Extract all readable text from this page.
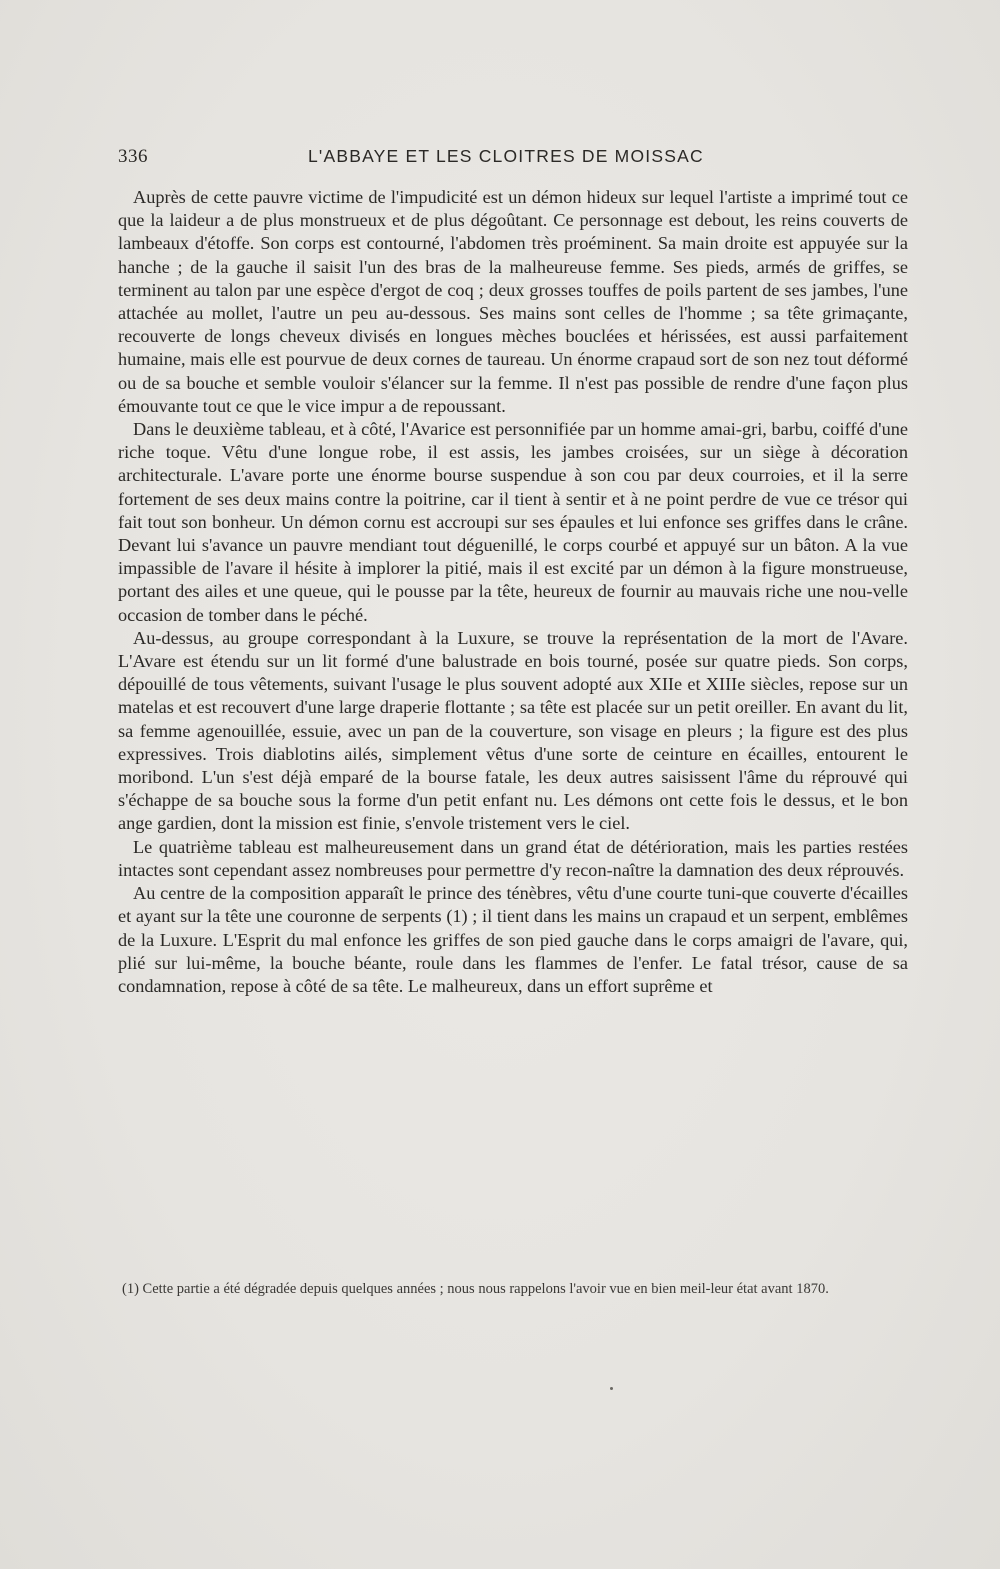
336	L'ABBAYE ET LES CLOITRES DE MOISSAC

Auprès de cette pauvre victime de l'impudicité est un démon hideux sur lequel l'artiste a imprimé tout ce que la laideur a de plus monstrueux et de plus dégoûtant. Ce personnage est debout, les reins couverts de lambeaux d'étoffe. Son corps est contourné, l'abdomen très proéminent. Sa main droite est appuyée sur la hanche ; de la gauche il saisit l'un des bras de la malheureuse femme. Ses pieds, armés de griffes, se terminent au talon par une espèce d'ergot de coq ; deux grosses touffes de poils partent de ses jambes, l'une attachée au mollet, l'autre un peu au-dessous. Ses mains sont celles de l'homme ; sa tête grimaçante, recouverte de longs cheveux divisés en longues mèches bouclées et hérissées, est aussi parfaitement humaine, mais elle est pourvue de deux cornes de taureau. Un énorme crapaud sort de son nez tout déformé ou de sa bouche et semble vouloir s'élancer sur la femme. Il n'est pas possible de rendre d'une façon plus émouvante tout ce que le vice impur a de repoussant.

Dans le deuxième tableau, et à côté, l'Avarice est personnifiée par un homme amai-gri, barbu, coiffé d'une riche toque. Vêtu d'une longue robe, il est assis, les jambes croisées, sur un siège à décoration architecturale. L'avare porte une énorme bourse suspendue à son cou par deux courroies, et il la serre fortement de ses deux mains contre la poitrine, car il tient à sentir et à ne point perdre de vue ce trésor qui fait tout son bonheur. Un démon cornu est accroupi sur ses épaules et lui enfonce ses griffes dans le crâne. Devant lui s'avance un pauvre mendiant tout déguenillé, le corps courbé et appuyé sur un bâton. A la vue impassible de l'avare il hésite à implorer la pitié, mais il est excité par un démon à la figure monstrueuse, portant des ailes et une queue, qui le pousse par la tête, heureux de fournir au mauvais riche une nou-velle occasion de tomber dans le péché.

Au-dessus, au groupe correspondant à la Luxure, se trouve la représentation de la mort de l'Avare. L'Avare est étendu sur un lit formé d'une balustrade en bois tourné, posée sur quatre pieds. Son corps, dépouillé de tous vêtements, suivant l'usage le plus souvent adopté aux XIIe et XIIIe siècles, repose sur un matelas et est recouvert d'une large draperie flottante ; sa tête est placée sur un petit oreiller. En avant du lit, sa femme agenouillée, essuie, avec un pan de la couverture, son visage en pleurs ; la figure est des plus expressives. Trois diablotins ailés, simplement vêtus d'une sorte de ceinture en écailles, entourent le moribond. L'un s'est déjà emparé de la bourse fatale, les deux autres saisissent l'âme du réprouvé qui s'échappe de sa bouche sous la forme d'un petit enfant nu. Les démons ont cette fois le dessus, et le bon ange gardien, dont la mission est finie, s'envole tristement vers le ciel.

Le quatrième tableau est malheureusement dans un grand état de détérioration, mais les parties restées intactes sont cependant assez nombreuses pour permettre d'y recon-naître la damnation des deux réprouvés.

Au centre de la composition apparaît le prince des ténèbres, vêtu d'une courte tuni-que couverte d'écailles et ayant sur la tête une couronne de serpents (1) ; il tient dans les mains un crapaud et un serpent, emblêmes de la Luxure. L'Esprit du mal enfonce les griffes de son pied gauche dans le corps amaigri de l'avare, qui, plié sur lui-même, la bouche béante, roule dans les flammes de l'enfer. Le fatal trésor, cause de sa condamnation, repose à côté de sa tête. Le malheureux, dans un effort suprême et

(1) Cette partie a été dégradée depuis quelques années ; nous nous rappelons l'avoir vue en bien meil-leur état avant 1870.
